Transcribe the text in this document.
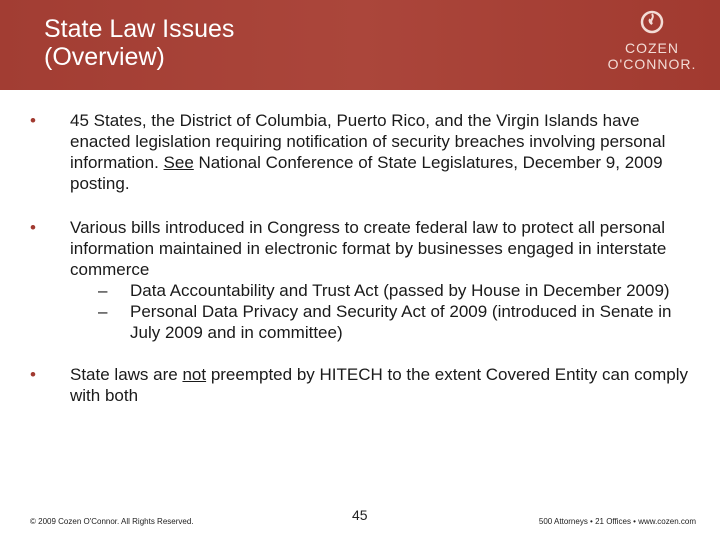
State Law Issues
(Overview)	COZEN
O'CONNOR.
• 45 States, the District of Columbia, Puerto Rico, and the Virgin Islands have enacted legislation requiring notification of security breaches involving personal information. See National Conference of State Legislatures, December 9, 2009 posting.
• Various bills introduced in Congress to create federal law to protect all personal information maintained in electronic format by businesses engaged in interstate commerce
– Data Accountability and Trust Act (passed by House in December 2009)
– Personal Data Privacy and Security Act of 2009 (introduced in Senate in July 2009 and in committee)
• State laws are not preempted by HITECH to the extent Covered Entity can comply with both
© 2009 Cozen O'Connor. All Rights Reserved.	45	500 Attorneys • 21 Offices • www.cozen.com
